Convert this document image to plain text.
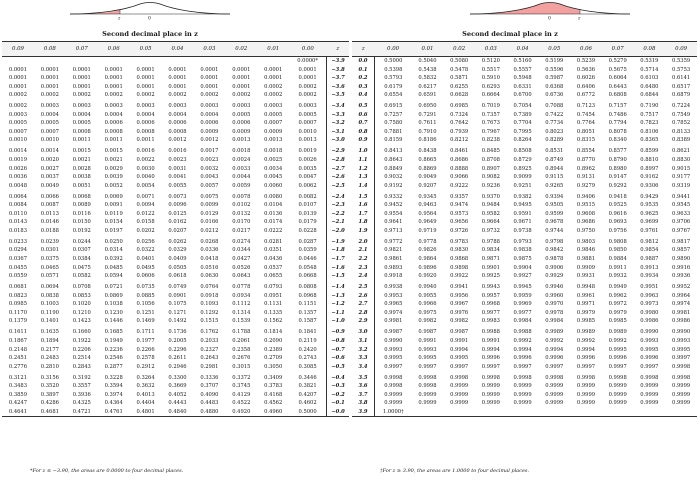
z	0	0	z
Second decimal place in z	Second decimal place in z
0.09	0.08	0.07	0.06	0.05	0.04	0.03	0.02	0.01	0.00	z
									0.0000*	−3.9
0.0001	0.0001	0.0001	0.0001	0.0001	0.0001	0.0001	0.0001	0.0001	0.0001	−3.8
0.0001	0.0001	0.0001	0.0001	0.0001	0.0001	0.0001	0.0001	0.0001	0.0001	−3.7
0.0001	0.0001	0.0001	0.0001	0.0001	0.0001	0.0001	0.0001	0.0002	0.0002	−3.6
0.0002	0.0002	0.0002	0.0002	0.0002	0.0002	0.0002	0.0002	0.0002	0.0002	−3.5
0.0002	0.0003	0.0003	0.0003	0.0003	0.0003	0.0003	0.0003	0.0003	0.0003	−3.4
0.0003	0.0004	0.0004	0.0004	0.0004	0.0004	0.0004	0.0005	0.0005	0.0005	−3.3
0.0005	0.0005	0.0005	0.0006	0.0006	0.0006	0.0006	0.0006	0.0007	0.0007	−3.2
0.0007	0.0007	0.0008	0.0008	0.0008	0.0008	0.0009	0.0009	0.0009	0.0010	−3.1
0.0010	0.0010	0.0011	0.0011	0.0011	0.0012	0.0012	0.0013	0.0013	0.0013	−3.0
0.0014	0.0014	0.0015	0.0015	0.0016	0.0016	0.0017	0.0018	0.0018	0.0019	−2.9
0.0019	0.0020	0.0021	0.0021	0.0022	0.0023	0.0023	0.0024	0.0025	0.0026	−2.8
0.0026	0.0027	0.0028	0.0029	0.0030	0.0031	0.0032	0.0033	0.0034	0.0035	−2.7
0.0036	0.0037	0.0038	0.0039	0.0040	0.0041	0.0043	0.0044	0.0045	0.0047	−2.6
0.0048	0.0049	0.0051	0.0052	0.0054	0.0055	0.0057	0.0059	0.0060	0.0062	−2.5
0.0064	0.0066	0.0068	0.0069	0.0071	0.0073	0.0075	0.0078	0.0080	0.0082	−2.4
0.0084	0.0087	0.0089	0.0091	0.0094	0.0096	0.0099	0.0102	0.0104	0.0107	−2.3
0.0110	0.0113	0.0116	0.0119	0.0122	0.0125	0.0129	0.0132	0.0136	0.0139	−2.2
0.0143	0.0146	0.0150	0.0154	0.0158	0.0162	0.0166	0.0170	0.0174	0.0179	−2.1
0.0183	0.0188	0.0192	0.0197	0.0202	0.0207	0.0212	0.0217	0.0222	0.0228	−2.0
0.0233	0.0239	0.0244	0.0250	0.0256	0.0262	0.0268	0.0274	0.0281	0.0287	−1.9
0.0294	0.0301	0.0307	0.0314	0.0322	0.0329	0.0336	0.0344	0.0351	0.0359	−1.8
0.0367	0.0375	0.0384	0.0392	0.0401	0.0409	0.0418	0.0427	0.0436	0.0446	−1.7
0.0455	0.0465	0.0475	0.0485	0.0495	0.0505	0.0516	0.0526	0.0537	0.0548	−1.6
0.0559	0.0571	0.0582	0.0594	0.0606	0.0618	0.0630	0.0643	0.0655	0.0668	−1.5
0.0681	0.0694	0.0708	0.0721	0.0735	0.0749	0.0764	0.0778	0.0793	0.0808	−1.4
0.0823	0.0838	0.0853	0.0869	0.0885	0.0901	0.0918	0.0934	0.0951	0.0968	−1.3
0.0985	0.1003	0.1020	0.1038	0.1056	0.1075	0.1093	0.1112	0.1131	0.1151	−1.2
0.1170	0.1190	0.1210	0.1230	0.1251	0.1271	0.1292	0.1314	0.1335	0.1357	−1.1
0.1379	0.1401	0.1423	0.1446	0.1469	0.1492	0.1515	0.1539	0.1562	0.1587	−1.0
0.1611	0.1635	0.1660	0.1685	0.1711	0.1736	0.1762	0.1788	0.1814	0.1841	−0.9
0.1867	0.1894	0.1922	0.1949	0.1977	0.2005	0.2033	0.2061	0.2090	0.2119	−0.8
0.2148	0.2177	0.2206	0.2236	0.2266	0.2296	0.2327	0.2358	0.2389	0.2420	−0.7
0.2451	0.2483	0.2514	0.2546	0.2578	0.2611	0.2643	0.2676	0.2709	0.2743	−0.6
0.2776	0.2810	0.2843	0.2877	0.2912	0.2946	0.2981	0.3015	0.3050	0.3085	−0.5
0.3121	0.3156	0.3192	0.3228	0.3264	0.3300	0.3336	0.3372	0.3409	0.3446	−0.4
0.3483	0.3520	0.3557	0.3594	0.3632	0.3669	0.3707	0.3745	0.3783	0.3821	−0.3
0.3859	0.3897	0.3936	0.3974	0.4013	0.4052	0.4090	0.4129	0.4168	0.4207	−0.2
0.4247	0.4286	0.4325	0.4364	0.4404	0.4443	0.4483	0.4522	0.4562	0.4602	−0.1
0.4641	0.4681	0.4721	0.4761	0.4801	0.4840	0.4880	0.4920	0.4960	0.5000	−0.0
z	0.00	0.01	0.02	0.03	0.04	0.05	0.06	0.07	0.08	0.09
0.0	0.5000	0.5040	0.5080	0.5120	0.5160	0.5199	0.5239	0.5279	0.5319	0.5359
0.1	0.5398	0.5438	0.5478	0.5517	0.5557	0.5596	0.5636	0.5675	0.5714	0.5753
0.2	0.5793	0.5832	0.5871	0.5910	0.5948	0.5987	0.6026	0.6064	0.6103	0.6141
0.3	0.6179	0.6217	0.6255	0.6293	0.6331	0.6368	0.6406	0.6443	0.6480	0.6517
0.4	0.6554	0.6591	0.6628	0.6664	0.6700	0.6736	0.6772	0.6808	0.6844	0.6879
0.5	0.6915	0.6950	0.6985	0.7019	0.7054	0.7088	0.7123	0.7157	0.7190	0.7224
0.6	0.7257	0.7291	0.7324	0.7357	0.7389	0.7422	0.7454	0.7486	0.7517	0.7549
0.7	0.7580	0.7611	0.7642	0.7673	0.7704	0.7734	0.7764	0.7794	0.7823	0.7852
0.8	0.7881	0.7910	0.7939	0.7967	0.7995	0.8023	0.8051	0.8078	0.8106	0.8133
0.9	0.8159	0.8186	0.8212	0.8238	0.8264	0.8289	0.8315	0.8340	0.8365	0.8389
1.0	0.8413	0.8438	0.8461	0.8485	0.8508	0.8531	0.8554	0.8577	0.8599	0.8621
1.1	0.8643	0.8665	0.8686	0.8708	0.8729	0.8749	0.8770	0.8790	0.8810	0.8830
1.2	0.8849	0.8869	0.8888	0.8907	0.8925	0.8944	0.8962	0.8980	0.8997	0.9015
1.3	0.9032	0.9049	0.9066	0.9082	0.9099	0.9115	0.9131	0.9147	0.9162	0.9177
1.4	0.9192	0.9207	0.9222	0.9236	0.9251	0.9265	0.9279	0.9292	0.9306	0.9319
1.5	0.9332	0.9345	0.9357	0.9370	0.9382	0.9394	0.9406	0.9418	0.9429	0.9441
1.6	0.9452	0.9463	0.9474	0.9484	0.9495	0.9505	0.9515	0.9525	0.9535	0.9545
1.7	0.9554	0.9564	0.9573	0.9582	0.9591	0.9599	0.9608	0.9616	0.9625	0.9633
1.8	0.9641	0.9649	0.9656	0.9664	0.9671	0.9678	0.9686	0.9693	0.9699	0.9706
1.9	0.9713	0.9719	0.9726	0.9732	0.9738	0.9744	0.9750	0.9756	0.9761	0.9767
2.0	0.9772	0.9778	0.9783	0.9788	0.9793	0.9798	0.9803	0.9808	0.9812	0.9817
2.1	0.9821	0.9826	0.9830	0.9834	0.9838	0.9842	0.9846	0.9850	0.9854	0.9857
2.2	0.9861	0.9864	0.9868	0.9871	0.9875	0.9878	0.9881	0.9884	0.9887	0.9890
2.3	0.9893	0.9896	0.9898	0.9901	0.9904	0.9906	0.9909	0.9911	0.9913	0.9916
2.4	0.9918	0.9920	0.9922	0.9925	0.9927	0.9929	0.9931	0.9932	0.9934	0.9936
2.5	0.9938	0.9940	0.9941	0.9943	0.9945	0.9946	0.9948	0.9949	0.9951	0.9952
2.6	0.9953	0.9955	0.9956	0.9957	0.9959	0.9960	0.9961	0.9962	0.9963	0.9964
2.7	0.9965	0.9966	0.9967	0.9968	0.9969	0.9970	0.9971	0.9972	0.9973	0.9974
2.8	0.9974	0.9975	0.9976	0.9977	0.9977	0.9978	0.9979	0.9979	0.9980	0.9981
2.9	0.9981	0.9982	0.9982	0.9983	0.9984	0.9984	0.9985	0.9985	0.9986	0.9986
3.0	0.9987	0.9987	0.9987	0.9988	0.9988	0.9989	0.9989	0.9989	0.9990	0.9990
3.1	0.9990	0.9991	0.9991	0.9991	0.9992	0.9992	0.9992	0.9992	0.9993	0.9993
3.2	0.9993	0.9993	0.9994	0.9994	0.9994	0.9994	0.9994	0.9995	0.9995	0.9995
3.3	0.9995	0.9995	0.9995	0.9996	0.9996	0.9996	0.9996	0.9996	0.9996	0.9997
3.4	0.9997	0.9997	0.9997	0.9997	0.9997	0.9997	0.9997	0.9997	0.9997	0.9998
3.5	0.9998	0.9998	0.9998	0.9998	0.9998	0.9998	0.9998	0.9998	0.9998	0.9998
3.6	0.9998	0.9998	0.9999	0.9999	0.9999	0.9999	0.9999	0.9999	0.9999	0.9999
3.7	0.9999	0.9999	0.9999	0.9999	0.9999	0.9999	0.9999	0.9999	0.9999	0.9999
3.8	0.9999	0.9999	0.9999	0.9999	0.9999	0.9999	0.9999	0.9999	0.9999	0.9999
3.9	1.0000†									
*For z ≤ −3.90, the areas are 0.0000 to four decimal places.	†For z ≥ 3.90, the areas are 1.0000 to four decimal places.
